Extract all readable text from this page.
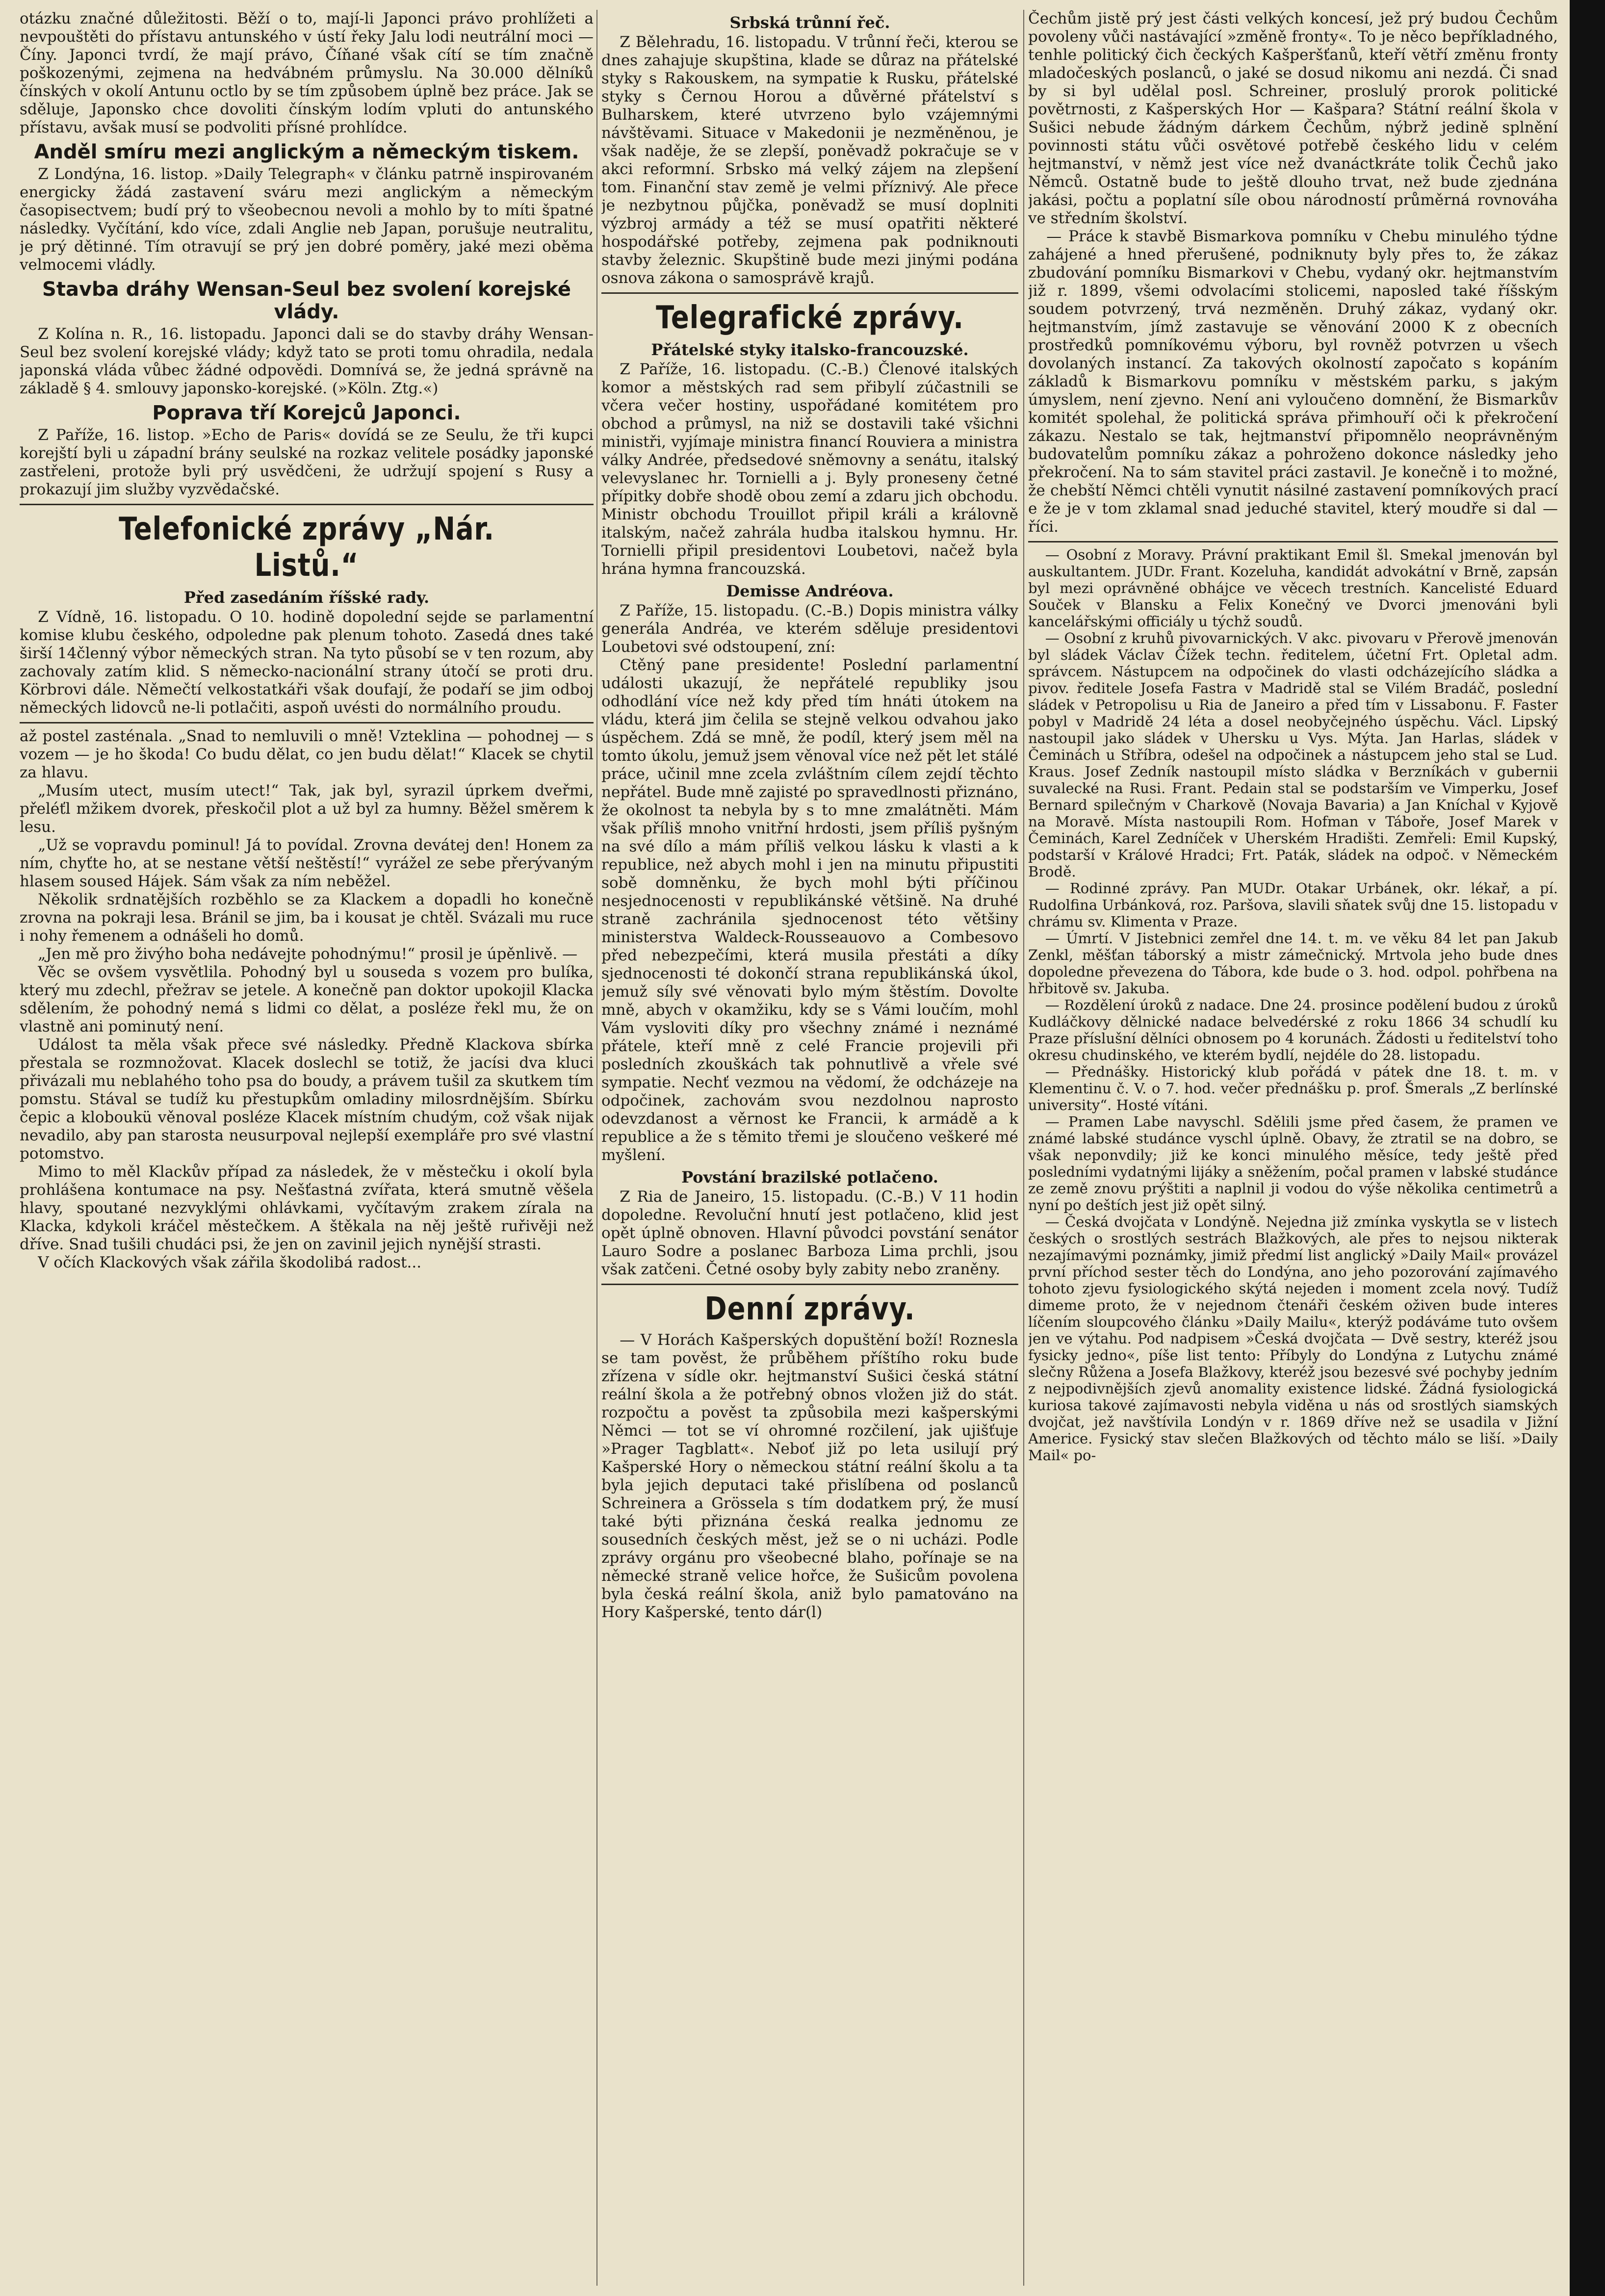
otázku značné důležitosti. Běží o to, mají-li Japonci právo prohlížeti a nevpouštěti do přístavu antunského v ústí řeky Jalu lodi neutrální moci — Číny. Japonci tvrdí, že mají právo, Číňané však cítí se tím značně poškozenými, zejmena na hedvábném průmyslu. Na 30.000 dělníků čínských v okolí Antunu octlo by se tím způsobem úplně bez práce. Jak se sděluje, Japonsko chce dovoliti čínským lodím vpluti do antunského přístavu, avšak musí se podvoliti přísné prohlídce.

Anděl smíru mezi anglickým a německým tiskem.

Z Londýna, 16. listop. »Daily Telegraph« v článku patrně inspirovaném energicky žádá zastavení sváru mezi anglickým a německým časopisectvem; budí prý to všeobecnou nevoli a mohlo by to míti špatné následky. Vyčítání, kdo více, zdali Anglie neb Japan, porušuje neutralitu, je prý dětinné. Tím otravují se prý jen dobré poměry, jaké mezi oběma velmocemi vládly.

Stavba dráhy Wensan-Seul bez svolení korejské vlády.

Z Kolína n. R., 16. listopadu. Japonci dali se do stavby dráhy Wensan-Seul bez svolení korejské vlády; když tato se proti tomu ohradila, nedala japonská vláda vůbec žádné odpovědi. Domnívá se, že jedná správně na základě § 4. smlouvy japonsko-korejské. (»Köln. Ztg.«)

Poprava tří Korejců Japonci.

Z Paříže, 16. listop. »Echo de Paris« dovídá se ze Seulu, že tři kupci korejští byli u západní brány seulské na rozkaz velitele posádky japonské zastřeleni, protože byli prý usvědčeni, že udržují spojení s Rusy a prokazují jim služby vyzvědačské.

Telefonické zprávy „Nár. Listů.“
Před zasedáním říšské rady.

Z Vídně, 16. listopadu. O 10. hodině dopolední sejde se parlamentní komise klubu českého, odpoledne pak plenum tohoto. Zasedá dnes také širší 14členný výbor německých stran. Na tyto působí se v ten rozum, aby zachovaly zatím klid. S německo-nacionální strany útočí se proti dru. Körbrovi dále. Němečtí velkostatkáři však doufají, že podaří se jim odboj německých lidovců ne-li potlačiti, aspoň uvésti do normálního proudu.

až postel zasténala. „Snad to nemluvili o mně! Vzteklina — pohodnej — s vozem — je ho škoda! Co budu dělat, co jen budu dělat!“ Klacek se chytil za hlavu.

„Musím utect, musím utect!“ Tak, jak byl, syrazil úprkem dveřmi, přeléťl mžikem dvorek, přeskočil plot a už byl za humny. Běžel směrem k lesu.

„Už se vopravdu pominul! Já to povídal. Zrovna devátej den! Honem za ním, chyťte ho, at se nestane větší neštěstí!“ vyrážel ze sebe přerývaným hlasem soused Hájek. Sám však za ním neběžel.

Několik srdnatějších rozběhlo se za Klackem a dopadli ho konečně zrovna na pokraji lesa. Bránil se jim, ba i kousat je chtěl. Svázali mu ruce i nohy řemenem a odnášeli ho domů.

„Jen mě pro živýho boha nedávejte pohodnýmu!“ prosil je úpěnlivě. —

Věc se ovšem vysvětlila. Pohodný byl u souseda s vozem pro bulíka, který mu zdechl, přežrav se jetele. A konečně pan doktor upokojil Klacka sdělením, že pohodný nemá s lidmi co dělat, a posléze řekl mu, že on vlastně ani pominutý není.

Událost ta měla však přece své následky. Předně Klackova sbírka přestala se rozmnožovat. Klacek doslechl se totiž, že jacísi dva kluci přivázali mu neblahého toho psa do boudy, a právem tušil za skutkem tím pomstu. Stával se tudíž ku přestupkům omladiny milosrdnějším. Sbírku čepic a kloboukü věnoval posléze Klacek místním chudým, což však nijak nevadilo, aby pan starosta neusurpoval nejlepší exempláře pro své vlastní potomstvo.

Mimo to měl Klackův případ za následek, že v městečku i okolí byla prohlášena kontumace na psy. Nešťastná zvířata, která smutně věšela hlavy, spoutané nezvyklými ohlávkami, vyčítavým zrakem zírala na Klacka, kdykoli kráčel městečkem. A štěkala na něj ještě ruřivěji než dříve. Snad tušili chudáci psi, že jen on zavinil jejich nynější strasti.

V očích Klackových však zářila škodolibá radost...

Srbská trůnní řeč.

Z Bělehradu, 16. listopadu. V trůnní řeči, kterou se dnes zahajuje skupština, klade se důraz na přátelské styky s Rakouskem, na sympatie k Rusku, přátelské styky s Černou Horou a důvěrné přátelství s Bulharskem, které utvrzeno bylo vzájemnými návštěvami. Situace v Makedonii je nezměněnou, je však naděje, že se zlepší, poněvadž pokračuje se v akci reformní. Srbsko má velký zájem na zlepšení tom. Finanční stav země je velmi příznivý. Ale přece je nezbytnou půjčka, poněvadž se musí doplniti výzbroj armády a též se musí opatřiti některé hospodářské potřeby, zejmena pak podniknouti stavby železnic. Skupštině bude mezi jinými podána osnova zákona o samosprávě krajů.

Telegrafické zprávy.
Přátelské styky italsko-francouzské.

Z Paříže, 16. listopadu. (C.-B.) Členové italských komor a městských rad sem přibylí zúčastnili se včera večer hostiny, uspořádané komitétem pro obchod a průmysl, na niž se dostavili také všichni ministři, vyjímaje ministra financí Rouviera a ministra války Andrée, předsedové sněmovny a senátu, italský velevyslanec hr. Tornielli a j. Byly proneseny četné přípitky dobře shodě obou zemí a zdaru jich obchodu. Ministr obchodu Trouillot připil králi a královně italským, načež zahrála hudba italskou hymnu. Hr. Tornielli připil presidentovi Loubetovi, načež byla hrána hymna francouzská.

Demisse Andréova.

Z Paříže, 15. listopadu. (C.-B.) Dopis ministra války generála Andréa, ve kterém sděluje presidentovi Loubetovi své odstoupení, zní:

Ctěný pane presidente! Poslední parlamentní události ukazují, že nepřátelé republiky jsou odhodlání více než kdy před tím hnáti útokem na vládu, která jim čelila se stejně velkou odvahou jako úspěchem. Zdá se mně, že podíl, který jsem měl na tomto úkolu, jemuž jsem věnoval více než pět let stálé práce, učinil mne zcela zvláštním cílem zejdí těchto nepřátel. Bude mně zajisté po spravedlnosti přiznáno, že okolnost ta nebyla by s to mne zmalátněti. Mám však příliš mnoho vnitřní hrdosti, jsem příliš pyšným na své dílo a mám příliš velkou lásku k vlasti a k republice, než abych mohl i jen na minutu připustiti sobě domněnku, že bych mohl býti příčinou nesjednocenosti v republikánské většině. Na druhé straně zachránila sjednocenost této většiny ministerstva Waldeck-Rousseauovo a Combesovo před nebezpečími, která musila přestáti a díky sjednocenosti té dokončí strana republikánská úkol, jemuž síly své věnovati bylo mým štěstím. Dovolte mně, abych v okamžiku, kdy se s Vámi loučím, mohl Vám vysloviti díky pro všechny známé i neznámé přátele, kteří mně z celé Francie projevili při posledních zkouškách tak pohnutlivě a vřele své sympatie. Nechť vezmou na vědomí, že odcházeje na odpočinek, zachovám svou nezdolnou naprosto odevzdanost a věrnost ke Francii, k armádě a k republice a že s těmito třemi je sloučeno veškeré mé myšlení.

Povstání brazilské potlačeno.

Z Ria de Janeiro, 15. listopadu. (C.-B.) V 11 hodin dopoledne. Revoluční hnutí jest potlačeno, klid jest opět úplně obnoven. Hlavní původci povstání senátor Lauro Sodre a poslanec Barboza Lima prchli, jsou však zatčeni. Četné osoby byly zabity nebo zraněny.

Denní zprávy.

— V Horách Kašperských dopuštění boží! Roznesla se tam pověst, že průběhem příštího roku bude zřízena v sídle okr. hejtmanství Sušici česká státní reální škola a že potřebný obnos vložen již do stát. rozpočtu a pověst ta způsobila mezi kašperskými Němci — tot se ví ohromné rozčilení, jak ujišťuje »Prager Tagblatt«. Neboť již po leta usilují prý Kašperské Hory o německou státní reální školu a ta byla jejich deputaci také přislíbena od poslanců Schreinera a Grössela s tím dodatkem prý, že musí také býti přiznána česká realka jednomu ze sousedních českých měst, jež se o ni ucházi. Podle zprávy orgánu pro všeobecné blaho, pořínaje se na německé straně velice hořce, že Sušicům povolena byla česká reální škola, aniž bylo pamatováno na Hory Kašperské, tento dár(l)

Čechům jistě prý jest části velkých koncesí, jež prý budou Čechům povoleny vůči nastávající »změně fronty«. To je něco bepříkladného, tenhle politický čich čeckých Kašperšťanů, kteří větří změnu fronty mladočeských poslanců, o jaké se dosud nikomu ani nezdá. Či snad by si byl udělal posl. Schreiner, proslulý prorok politické povětrnosti, z Kašperských Hor — Kašpara? Státní reální škola v Sušici nebude žádným dárkem Čechům, nýbrž jedině splnění povinnosti státu vůči osvětové potřebě českého lidu v celém hejtmanství, v němž jest více než dvanáctkráte tolik Čechů jako Němců. Ostatně bude to ještě dlouho trvat, než bude zjednána jakási, počtu a poplatní síle obou národností průměrná rovnováha ve středním školství.

— Práce k stavbě Bismarkova pomníku v Chebu minulého týdne zahájené a hned přerušené, podniknuty byly přes to, že zákaz zbudování pomníku Bismarkovi v Chebu, vydaný okr. hejtmanstvím již r. 1899, všemi odvolacími stolicemi, naposled také říšským soudem potvrzený, trvá nezměněn. Druhý zákaz, vydaný okr. hejtmanstvím, jímž zastavuje se věnování 2000 K z obecních prostředků pomníkovému výboru, byl rovněž potvrzen u všech dovolaných instancí. Za takových okolností započato s kopáním základů k Bismarkovu pomníku v městském parku, s jakým úmyslem, není zjevno. Není ani vyloučeno domnění, že Bismarkův komitét spolehal, že politická správa přimhouří oči k překročení zákazu. Nestalo se tak, hejtmanství připomnělo neoprávněným budovatelům pomníku zákaz a pohroženo dokonce následky jeho překročení. Na to sám stavitel práci zastavil. Je konečně i to možné, že chebští Němci chtěli vynutit násilné zastavení pomníkových prací e že je v tom zklamal snad jeduché stavitel, který moudře si dal — říci.

— Osobní z Moravy. Právní praktikant Emil šl. Smekal jmenován byl auskultantem. JUDr. Frant. Kozeluha, kandidát advokátní v Brně, zapsán byl mezi oprávněné obhájce ve věcech trestních. Kancelisté Eduard Souček v Blansku a Felix Konečný ve Dvorci jmenováni byli kancelářskými officiály u týchž soudů.

— Osobní z kruhů pivovarnických. V akc. pivovaru v Přerově jmenován byl sládek Václav Čížek techn. ředitelem, účetní Frt. Opletal adm. správcem. Nástupcem na odpočinek do vlasti odcházejícího sládka a pivov. ředitele Josefa Fastra v Madridě stal se Vilém Bradáč, poslední sládek v Petropolisu u Ria de Janeiro a před tím v Lissabonu. F. Faster pobyl v Madridě 24 léta a dosel neobyčejného úspěchu. Václ. Lipský nastoupil jako sládek v Uhersku u Vys. Mýta. Jan Harlas, sládek v Čeminách u Stříbra, odešel na odpočinek a nástupcem jeho stal se Lud. Kraus. Josef Zedník nastoupil místo sládka v Berzníkách v gubernii suvalecké na Rusi. Frant. Pedain stal se podstarším ve Vimperku, Josef Bernard spilečným v Charkově (Novaja Bavaria) a Jan Kníchal v Kyjově na Moravě. Místa nastoupili Rom. Hofman v Táboře, Josef Marek v Čeminách, Karel Zedníček v Uherském Hradišti. Zemřeli: Emil Kupský, podstarší v Králové Hradci; Frt. Paták, sládek na odpoč. v Německém Brodě.

— Rodinné zprávy. Pan MUDr. Otakar Urbánek, okr. lékař, a pí. Rudolfina Urbánková, roz. Paršova, slavili sňatek svůj dne 15. listopadu v chrámu sv. Klimenta v Praze.

— Úmrtí. V Jistebnici zemřel dne 14. t. m. ve věku 84 let pan Jakub Zenkl, měšťan táborský a mistr zámečnický. Mrtvola jeho bude dnes dopoledne převezena do Tábora, kde bude o 3. hod. odpol. pohřbena na hřbitově sv. Jakuba.

— Rozdělení úroků z nadace. Dne 24. prosince podělení budou z úroků Kudláčkovy dělnické nadace belvedérské z roku 1866 34 schudlí ku Praze příslušní dělníci obnosem po 4 korunách. Žádosti u ředitelství toho okresu chudinského, ve kterém bydlí, nejdéle do 28. listopadu.

— Přednášky. Historický klub pořádá v pátek dne 18. t. m. v Klementinu č. V. o 7. hod. večer přednášku p. prof. Šmerals „Z berlínské university“. Hosté vítáni.

— Pramen Labe navyschl. Sdělili jsme před časem, že pramen ve známé labské studánce vyschl úplně. Obavy, že ztratil se na dobro, se však neponvdily; již ke konci minulého měsíce, tedy ještě před posledními vydatnými lijáky a sněžením, počal pramen v labské studánce ze země znovu prýštiti a naplnil ji vodou do výše několika centimetrů a nyní po deštích jest již opět silný.

— Česká dvojčata v Londýně. Nejedna již zmínka vyskytla se v listech českých o srostlých sestrách Blažkových, ale přes to nejsou nikterak nezajímavými poznámky, jimiž předmí list anglický »Daily Mail« provázel první příchod sester těch do Londýna, ano jeho pozorování zajímavého tohoto zjevu fysiologického skýtá nejeden i moment zcela nový. Tudíž dimeme proto, že v nejednom čtenáři českém oživen bude interes líčením sloupcového článku »Daily Mailu«, kterýž podáváme tuto ovšem jen ve výtahu. Pod nadpisem »Česká dvojčata — Dvě sestry, kteréž jsou fysicky jedno«, píše list tento: Příbyly do Londýna z Lutychu známé slečny Růžena a Josefa Blažkovy, kteréž jsou bezesvé své pochyby jedním z nejpodivnějších zjevů anomality existence lidské. Žádná fysiologická kuriosa takové zajímavosti nebyla viděna u nás od srostlých siamských dvojčat, jež navštívila Londýn v r. 1869 dříve než se usadila v Jižní Americe. Fysický stav slečen Blažkových od těchto málo se liší. »Daily Mail« po-
